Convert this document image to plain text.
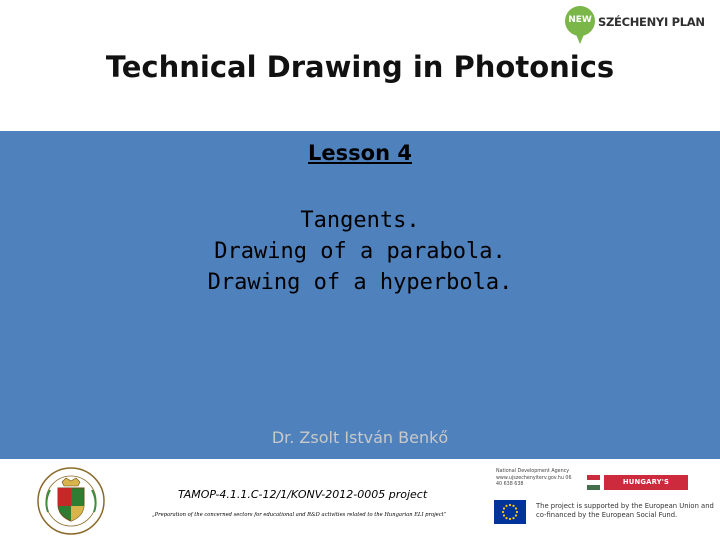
NEW SZÉCHENYI PLAN
Technical Drawing in Photonics
Lesson 4
Tangents.
Drawing of a parabola.
Drawing of a hyperbola.
Dr. Zsolt István Benkő
TAMOP-4.1.1.C-12/1/KONV-2012-0005 project
„Preparation of the concerned sectors for educational and R&D activities related to the Hungarian ELI project”
National Development Agency www.ujszechenyiterv.gov.hu 06 40 638 638	HUNGARY'S RENEWAL
The project is supported by the European Union and co-financed by the European Social Fund.
